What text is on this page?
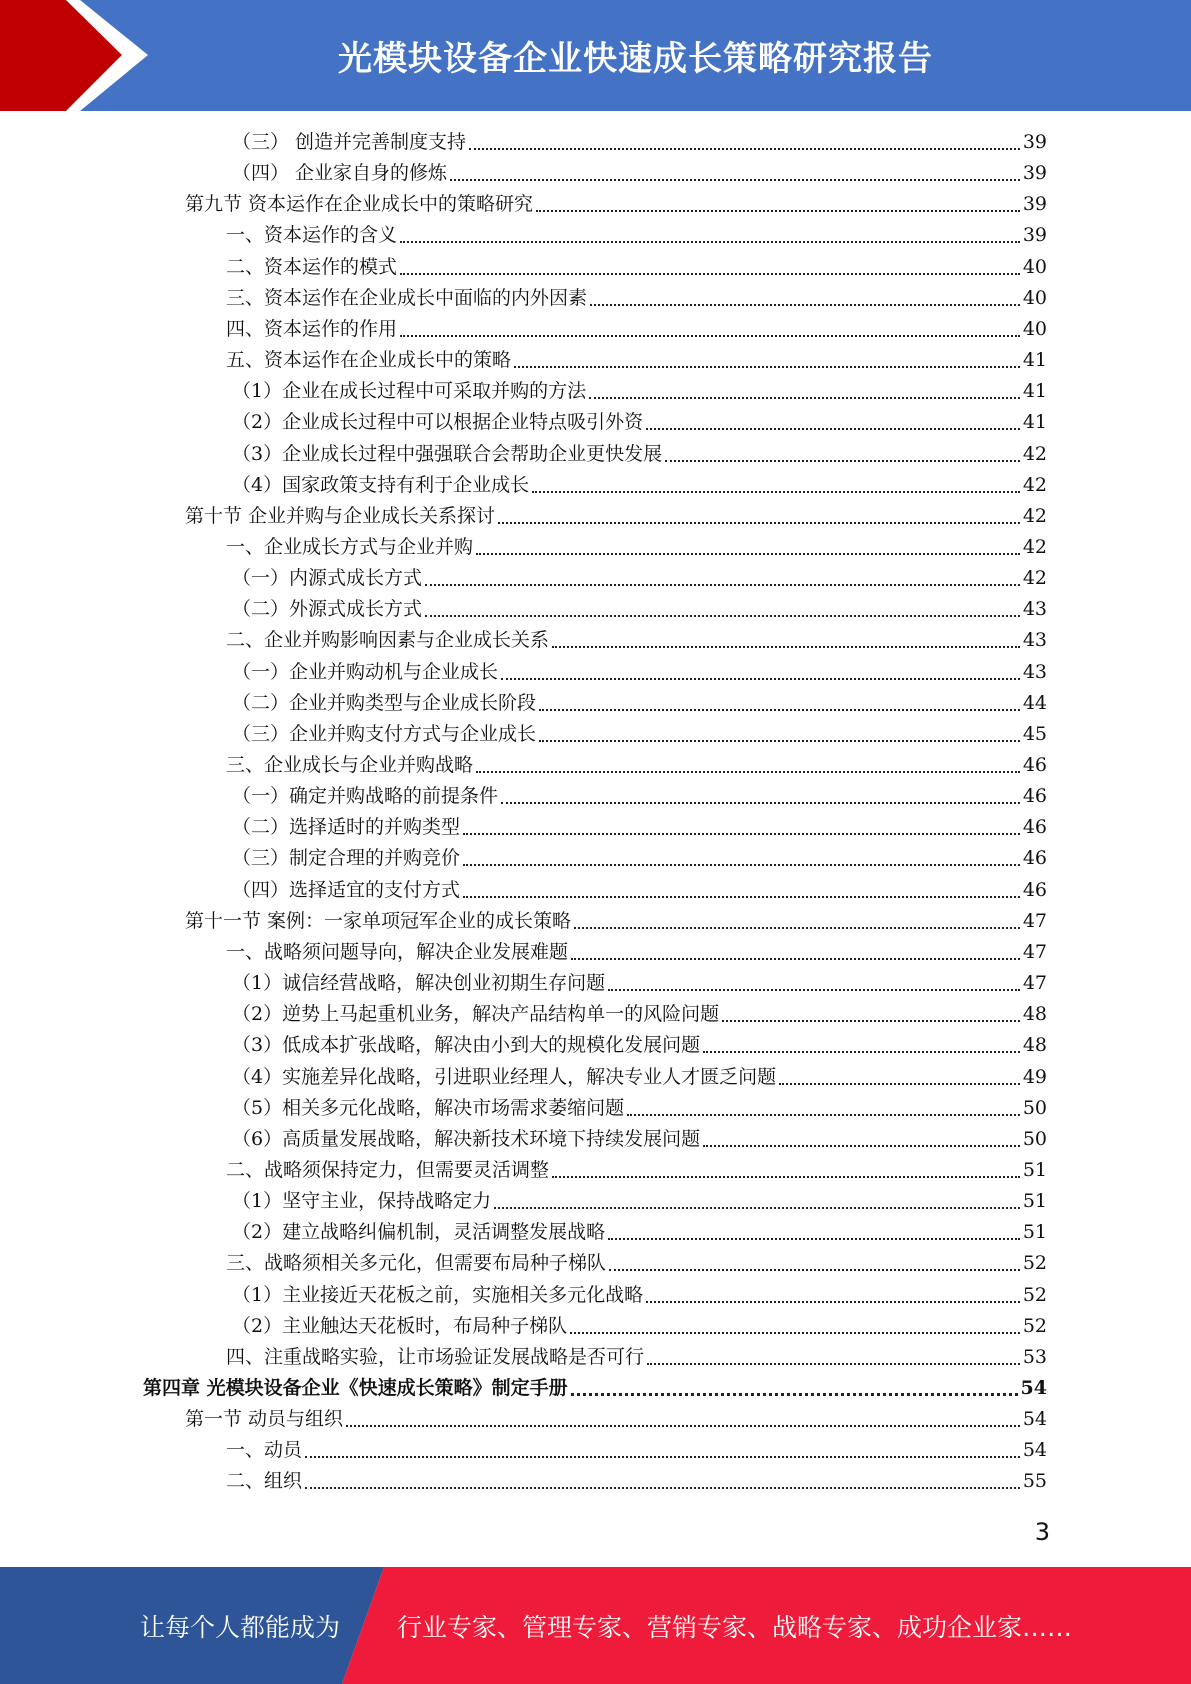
光模块设备企业快速成长策略研究报告
（三） 创造并完善制度支持	39
（四） 企业家自身的修炼	39
第九节 资本运作在企业成长中的策略研究	39
一、资本运作的含义	39
二、资本运作的模式	40
三、资本运作在企业成长中面临的内外因素	40
四、资本运作的作用	40
五、资本运作在企业成长中的策略	41
（1）企业在成长过程中可采取并购的方法	41
（2）企业成长过程中可以根据企业特点吸引外资	41
（3）企业成长过程中强强联合会帮助企业更快发展	42
（4）国家政策支持有利于企业成长	42
第十节 企业并购与企业成长关系探讨	42
一、企业成长方式与企业并购	42
（一）内源式成长方式	42
（二）外源式成长方式	43
二、企业并购影响因素与企业成长关系	43
（一）企业并购动机与企业成长	43
（二）企业并购类型与企业成长阶段	44
（三）企业并购支付方式与企业成长	45
三、企业成长与企业并购战略	46
（一）确定并购战略的前提条件	46
（二）选择适时的并购类型	46
（三）制定合理的并购竞价	46
（四）选择适宜的支付方式	46
第十一节 案例：一家单项冠军企业的成长策略	47
一、战略须问题导向，解决企业发展难题	47
（1）诚信经营战略，解决创业初期生存问题	47
（2）逆势上马起重机业务，解决产品结构单一的风险问题	48
（3）低成本扩张战略，解决由小到大的规模化发展问题	48
（4）实施差异化战略，引进职业经理人，解决专业人才匮乏问题	49
（5）相关多元化战略，解决市场需求萎缩问题	50
（6）高质量发展战略，解决新技术环境下持续发展问题	50
二、战略须保持定力，但需要灵活调整	51
（1）坚守主业，保持战略定力	51
（2）建立战略纠偏机制，灵活调整发展战略	51
三、战略须相关多元化，但需要布局种子梯队	52
（1）主业接近天花板之前，实施相关多元化战略	52
（2）主业触达天花板时，布局种子梯队	52
四、注重战略实验，让市场验证发展战略是否可行	53
第四章 光模块设备企业《快速成长策略》制定手册	54
第一节 动员与组织	54
一、动员	54
二、组织	55
3
让每个人都能成为 行业专家、管理专家、营销专家、战略专家、成功企业家……
